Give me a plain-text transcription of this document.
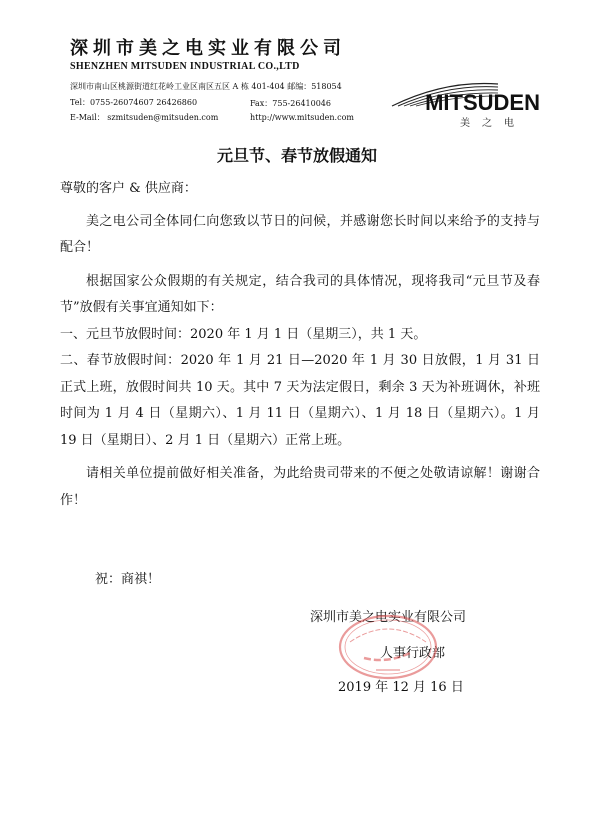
深圳市美之电实业有限公司
SHENZHEN MITSUDEN INDUSTRIAL CO.,LTD
深圳市南山区桃源街道红花岭工业区南区五区 A 栋 401-404 邮编：518054
Tel：0755-26074607 26426860	Fax：755-26410046
E-Mail： szmitsuden@mitsuden.com	http://www.mitsuden.com
MITSUDEN
美之电
元旦节、春节放假通知

尊敬的客户 & 供应商：

美之电公司全体同仁向您致以节日的问候，并感谢您长时间以来给予的支持与配合！

根据国家公众假期的有关规定，结合我司的具体情况，现将我司“元旦节及春节”放假有关事宜通知如下：

一、元旦节放假时间：2020 年 1 月 1 日（星期三），共 1 天。

二、春节放假时间：2020 年 1 月 21 日—2020 年 1 月 30 日放假，1 月 31 日正式上班，放假时间共 10 天。其中 7 天为法定假日，剩余 3 天为补班调休，补班时间为 1 月 4 日（星期六）、1 月 11 日（星期六）、1 月 18 日（星期六）。1 月 19 日（星期日）、2 月 1 日（星期六）正常上班。

请相关单位提前做好相关准备，为此给贵司带来的不便之处敬请谅解！谢谢合作！

祝：商祺！
深圳市美之电实业有限公司
人事行政部
2019 年 12 月 16 日
